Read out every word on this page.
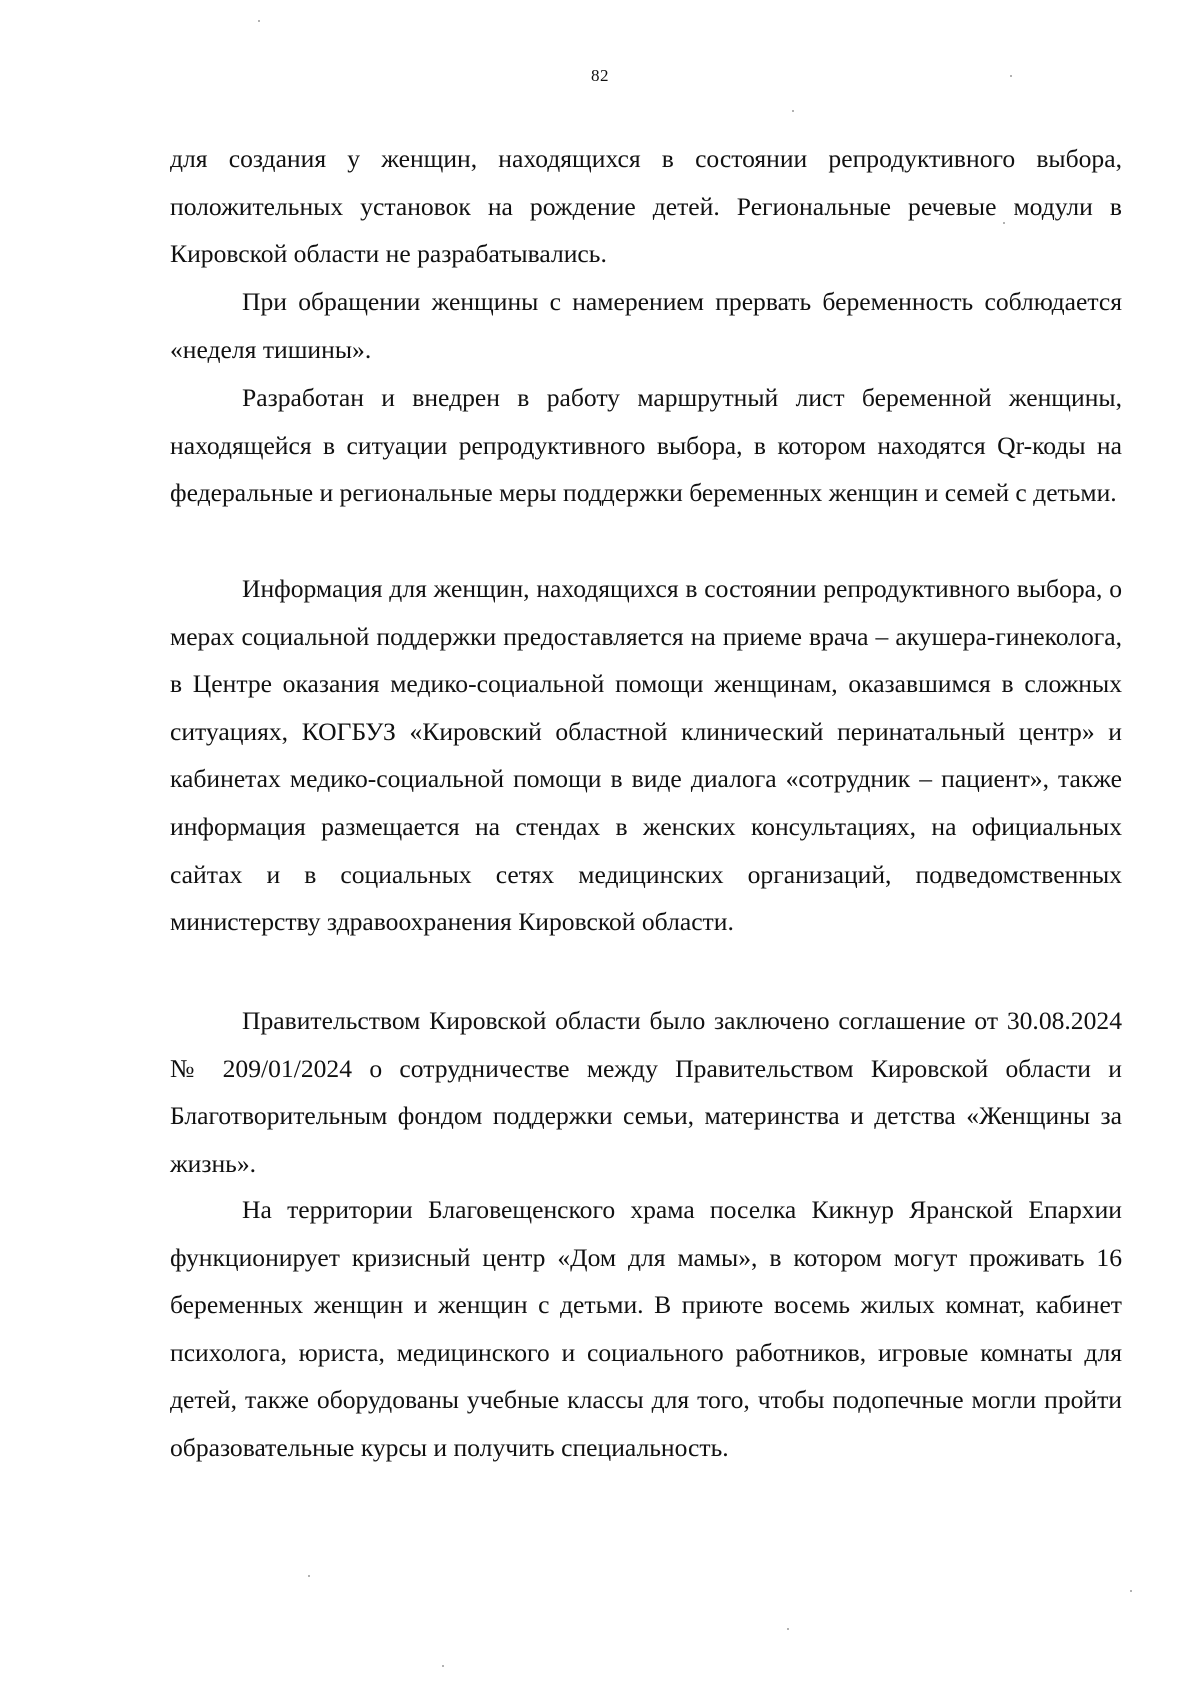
82

для создания у женщин, находящихся в состоянии репродуктивного выбора, положительных установок на рождение детей. Региональные речевые модули в Кировской области не разрабатывались.

При обращении женщины с намерением прервать беременность соблюдается «неделя тишины».

Разработан и внедрен в работу маршрутный лист беременной женщины, находящейся в ситуации репродуктивного выбора, в котором находятся Qr-коды на федеральные и региональные меры поддержки беременных женщин и семей с детьми.

Информация для женщин, находящихся в состоянии репродуктивного выбора, о мерах социальной поддержки предоставляется на приеме врача – акушера-гинеколога, в Центре оказания медико-социальной помощи женщинам, оказавшимся в сложных ситуациях, КОГБУЗ «Кировский областной клинический перинатальный центр» и кабинетах медико-социальной помощи в виде диалога «сотрудник – пациент», также информация размещается на стендах в женских консультациях, на официальных сайтах и в социальных сетях медицинских организаций, подведомственных министерству здравоохранения Кировской области.

Правительством Кировской области было заключено соглашение от 30.08.2024 № 209/01/2024 о сотрудничестве между Правительством Кировской области и Благотворительным фондом поддержки семьи, материнства и детства «Женщины за жизнь».

На территории Благовещенского храма поселка Кикнур Яранской Епархии функционирует кризисный центр «Дом для мамы», в котором могут проживать 16 беременных женщин и женщин с детьми. В приюте восемь жилых комнат, кабинет психолога, юриста, медицинского и социального работников, игровые комнаты для детей, также оборудованы учебные классы для того, чтобы подопечные могли пройти образовательные курсы и получить специальность.
